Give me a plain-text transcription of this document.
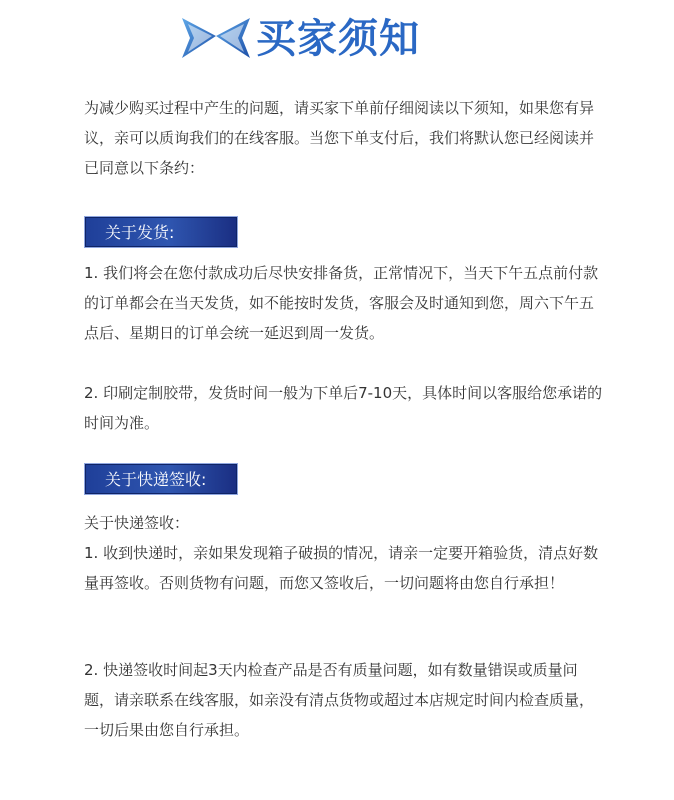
买家须知

为减少购买过程中产生的问题，请买家下单前仔细阅读以下须知，如果您有异议，亲可以质询我们的在线客服。当您下单支付后，我们将默认您已经阅读并已同意以下条约：

关于发货:

1. 我们将会在您付款成功后尽快安排备货，正常情况下，当天下午五点前付款的订单都会在当天发货，如不能按时发货，客服会及时通知到您，周六下午五点后、星期日的订单会统一延迟到周一发货。

2. 印刷定制胶带，发货时间一般为下单后7-10天，具体时间以客服给您承诺的时间为准。

关于快递签收:

关于快递签收：

1. 收到快递时，亲如果发现箱子破损的情况，请亲一定要开箱验货，清点好数量再签收。否则货物有问题，而您又签收后，一切问题将由您自行承担！

2. 快递签收时间起3天内检查产品是否有质量问题，如有数量错误或质量问题，请亲联系在线客服，如亲没有清点货物或超过本店规定时间内检查质量，一切后果由您自行承担。
